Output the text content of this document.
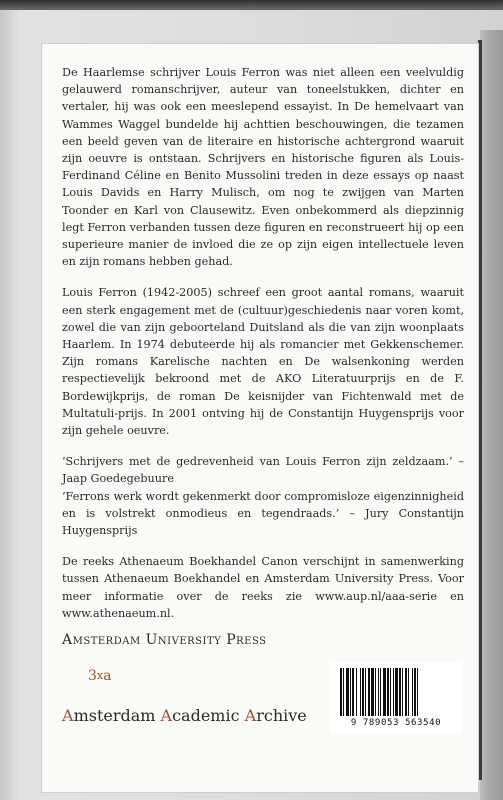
De Haarlemse schrijver Louis Ferron was niet alleen een veelvuldig gelauwerd romanschrijver, auteur van toneelstukken, dichter en vertaler, hij was ook een meeslepend essayist. In De hemelvaart van Wammes Waggel bundelde hij achttien beschouwingen, die tezamen een beeld geven van de literaire en historische achtergrond waaruit zijn oeuvre is ontstaan. Schrijvers en historische figuren als Louis-Ferdinand Céline en Benito Mussolini treden in deze essays op naast Louis Davids en Harry Mulisch, om nog te zwijgen van Marten Toonder en Karl von Clausewitz. Even onbekommerd als diepzinnig legt Ferron verbanden tussen deze figuren en reconstrueert hij op een superieure manier de invloed die ze op zijn eigen intellectuele leven en zijn romans hebben gehad.

Louis Ferron (1942-2005) schreef een groot aantal romans, waaruit een sterk engagement met de (cultuur)geschiedenis naar voren komt, zowel die van zijn geboorteland Duitsland als die van zijn woonplaats Haarlem. In 1974 debuteerde hij als romancier met Gekkenschemer. Zijn romans Karelische nachten en De walsenkoning werden respectievelijk bekroond met de AKO Literatuurprijs en de F. Bordewijkprijs, de roman De keisnijder van Fichtenwald met de Multatuli-prijs. In 2001 ontving hij de Constantijn Huygensprijs voor zijn gehele oeuvre.

‘Schrijvers met de gedrevenheid van Louis Ferron zijn zeldzaam.’ – Jaap Goedegebuure

‘Ferrons werk wordt gekenmerkt door compromisloze eigenzinnigheid en is volstrekt onmodieus en tegendraads.’ – Jury Constantijn Huygensprijs

De reeks Athenaeum Boekhandel Canon verschijnt in samenwerking tussen Athenaeum Boekhandel en Amsterdam University Press. Voor meer informatie over de reeks zie www.aup.nl/aaa-serie en www.athenaeum.nl.

Amsterdam University Press
3xa
Amsterdam Academic Archive	9 789053 563540
